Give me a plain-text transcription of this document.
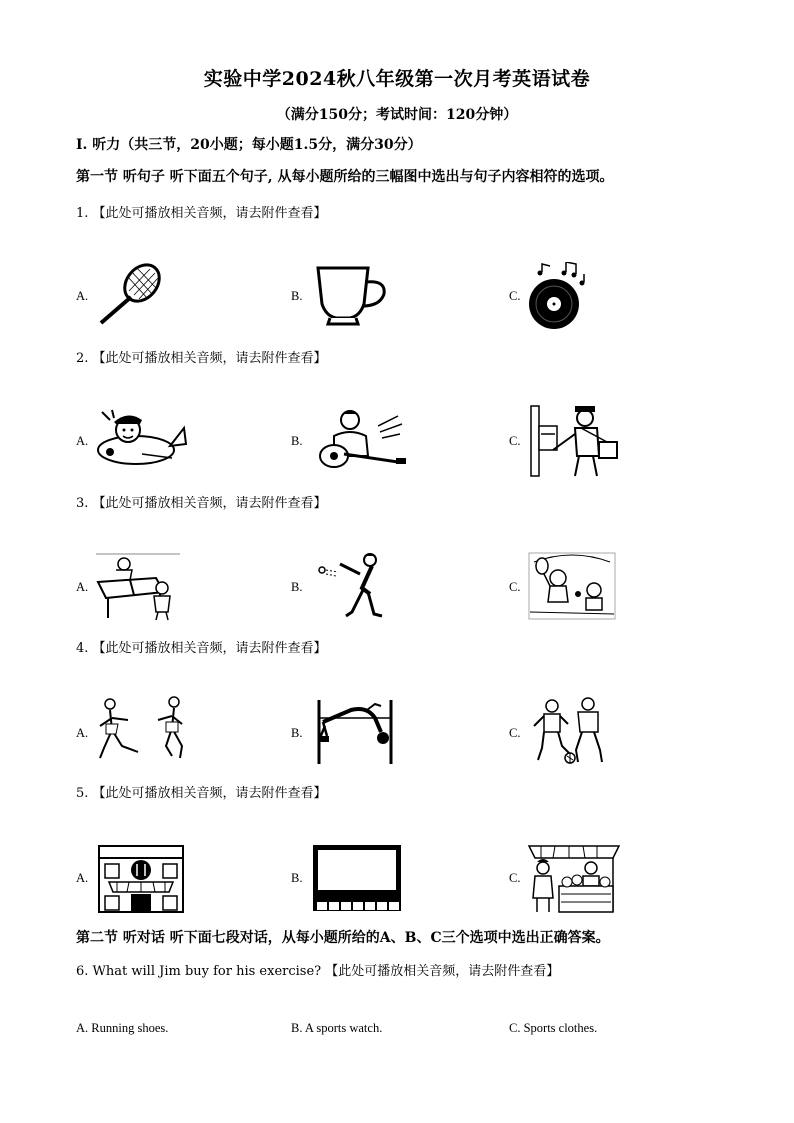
实验中学2024秋八年级第一次月考英语试卷
（满分150分；考试时间：120分钟）
I. 听力（共三节，20小题；每小题1.5分，满分30分）
第一节 听句子 听下面五个句子, 从每小题所给的三幅图中选出与句子内容相符的选项。
1. 【此处可播放相关音频，请去附件查看】
A.	B.	C.
2. 【此处可播放相关音频，请去附件查看】
A.	B.	C.
3. 【此处可播放相关音频，请去附件查看】
A.	B.	C.
4. 【此处可播放相关音频，请去附件查看】
A.	B.	C.
5. 【此处可播放相关音频，请去附件查看】
A.	B.	C.
第二节 听对话 听下面七段对话，从每小题所给的A、B、C三个选项中选出正确答案。
6. What will Jim buy for his exercise? 【此处可播放相关音频，请去附件查看】
A. Running shoes.	B. A sports watch.	C. Sports clothes.
